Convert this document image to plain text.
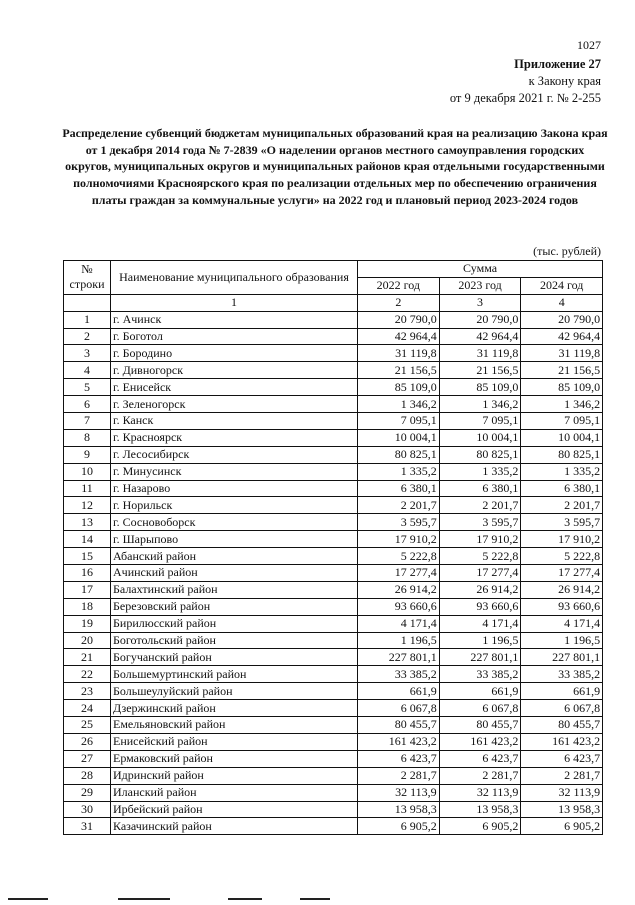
1027
Приложение 27
к Закону края
от 9 декабря 2021 г. № 2-255
Распределение субвенций бюджетам муниципальных образований края на реализацию Закона края от 1 декабря 2014 года № 7-2839 «О наделении органов местного самоуправления городских округов, муниципальных округов и муниципальных районов края отдельными государственными полномочиями Красноярского края по реализации отдельных мер по обеспечению ограничения платы граждан за коммунальные услуги» на 2022 год и плановый период 2023-2024 годов
(тыс. рублей)
№ строки	Наименование муниципального образования	Сумма		
		2022 год	2023 год	2024 год
	1	2	3	4
1	г. Ачинск	20 790,0	20 790,0	20 790,0
2	г. Боготол	42 964,4	42 964,4	42 964,4
3	г. Бородино	31 119,8	31 119,8	31 119,8
4	г. Дивногорск	21 156,5	21 156,5	21 156,5
5	г. Енисейск	85 109,0	85 109,0	85 109,0
6	г. Зеленогорск	1 346,2	1 346,2	1 346,2
7	г. Канск	7 095,1	7 095,1	7 095,1
8	г. Красноярск	10 004,1	10 004,1	10 004,1
9	г. Лесосибирск	80 825,1	80 825,1	80 825,1
10	г. Минусинск	1 335,2	1 335,2	1 335,2
11	г. Назарово	6 380,1	6 380,1	6 380,1
12	г. Норильск	2 201,7	2 201,7	2 201,7
13	г. Сосновоборск	3 595,7	3 595,7	3 595,7
14	г. Шарыпово	17 910,2	17 910,2	17 910,2
15	Абанский район	5 222,8	5 222,8	5 222,8
16	Ачинский район	17 277,4	17 277,4	17 277,4
17	Балахтинский район	26 914,2	26 914,2	26 914,2
18	Березовский район	93 660,6	93 660,6	93 660,6
19	Бирилюсский район	4 171,4	4 171,4	4 171,4
20	Боготольский район	1 196,5	1 196,5	1 196,5
21	Богучанский район	227 801,1	227 801,1	227 801,1
22	Большемуртинский район	33 385,2	33 385,2	33 385,2
23	Большеулуйский район	661,9	661,9	661,9
24	Дзержинский район	6 067,8	6 067,8	6 067,8
25	Емельяновский район	80 455,7	80 455,7	80 455,7
26	Енисейский район	161 423,2	161 423,2	161 423,2
27	Ермаковский район	6 423,7	6 423,7	6 423,7
28	Идринский район	2 281,7	2 281,7	2 281,7
29	Иланский район	32 113,9	32 113,9	32 113,9
30	Ирбейский район	13 958,3	13 958,3	13 958,3
31	Казачинский район	6 905,2	6 905,2	6 905,2
